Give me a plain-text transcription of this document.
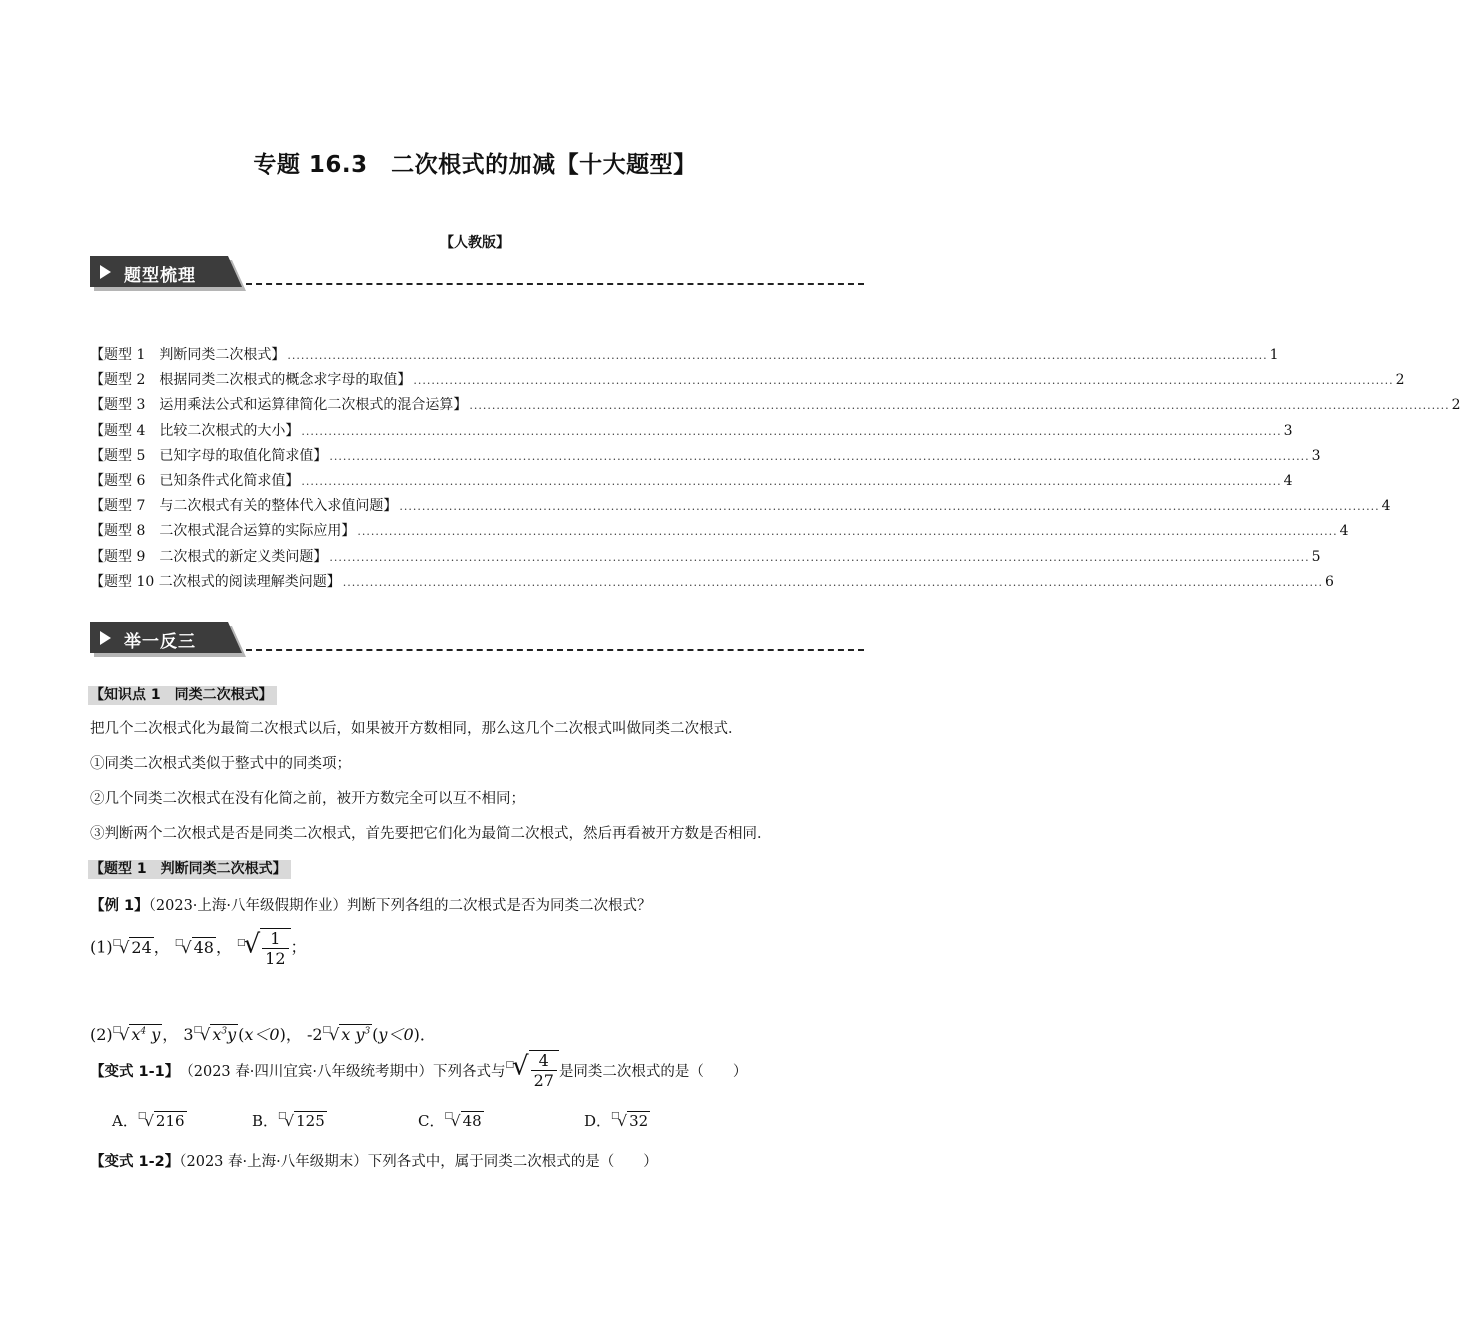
专题 16.3　二次根式的加减【十大题型】
【人教版】
题型梳理
【题型 1　判断同类二次根式】 .......................................................................................................................................................................................................................... 1
【题型 2　根据同类二次根式的概念求字母的取值】 .......................................................................................................................................................................................................................... 2
【题型 3　运用乘法公式和运算律简化二次根式的混合运算】 .......................................................................................................................................................................................................................... 2
【题型 4　比较二次根式的大小】 .......................................................................................................................................................................................................................... 3
【题型 5　已知字母的取值化简求值】 .......................................................................................................................................................................................................................... 3
【题型 6　已知条件式化简求值】 .......................................................................................................................................................................................................................... 4
【题型 7　与二次根式有关的整体代入求值问题】 .......................................................................................................................................................................................................................... 4
【题型 8　二次根式混合运算的实际应用】 .......................................................................................................................................................................................................................... 4
【题型 9　二次根式的新定义类问题】 .......................................................................................................................................................................................................................... 5
【题型 10 二次根式的阅读理解类问题】 .......................................................................................................................................................................................................................... 6
举一反三
【知识点 1　同类二次根式】
把几个二次根式化为最简二次根式以后，如果被开方数相同，那么这几个二次根式叫做同类二次根式．
①同类二次根式类似于整式中的同类项；
②几个同类二次根式在没有化简之前，被开方数完全可以互不相同；
③判断两个二次根式是否是同类二次根式，首先要把它们化为最简二次根式，然后再看被开方数是否相同．
【题型 1　判断同类二次根式】
【例 1】（2023·上海·八年级假期作业）判断下列各组的二次根式是否为同类二次根式？
(1)□√ 24 ， □√ 48 ， $^□√ \frac{1}{12}$ ；
(2)□√ $x^4$ y ， 3□√ $x^3y$ (x＜0)， -2□√ x $y^3$ (y＜0)．
【变式 1-1】 （2023 春·四川宜宾·八年级统考期中）下列各式与 $^□√ \frac{4}{27}$ 是同类二次根式的是（　　）
A．□√ 216	B．□√ 125	C．□√ 48	D．□√ 32
【变式 1-2】（2023 春·上海·八年级期末）下列各式中，属于同类二次根式的是（　　）
